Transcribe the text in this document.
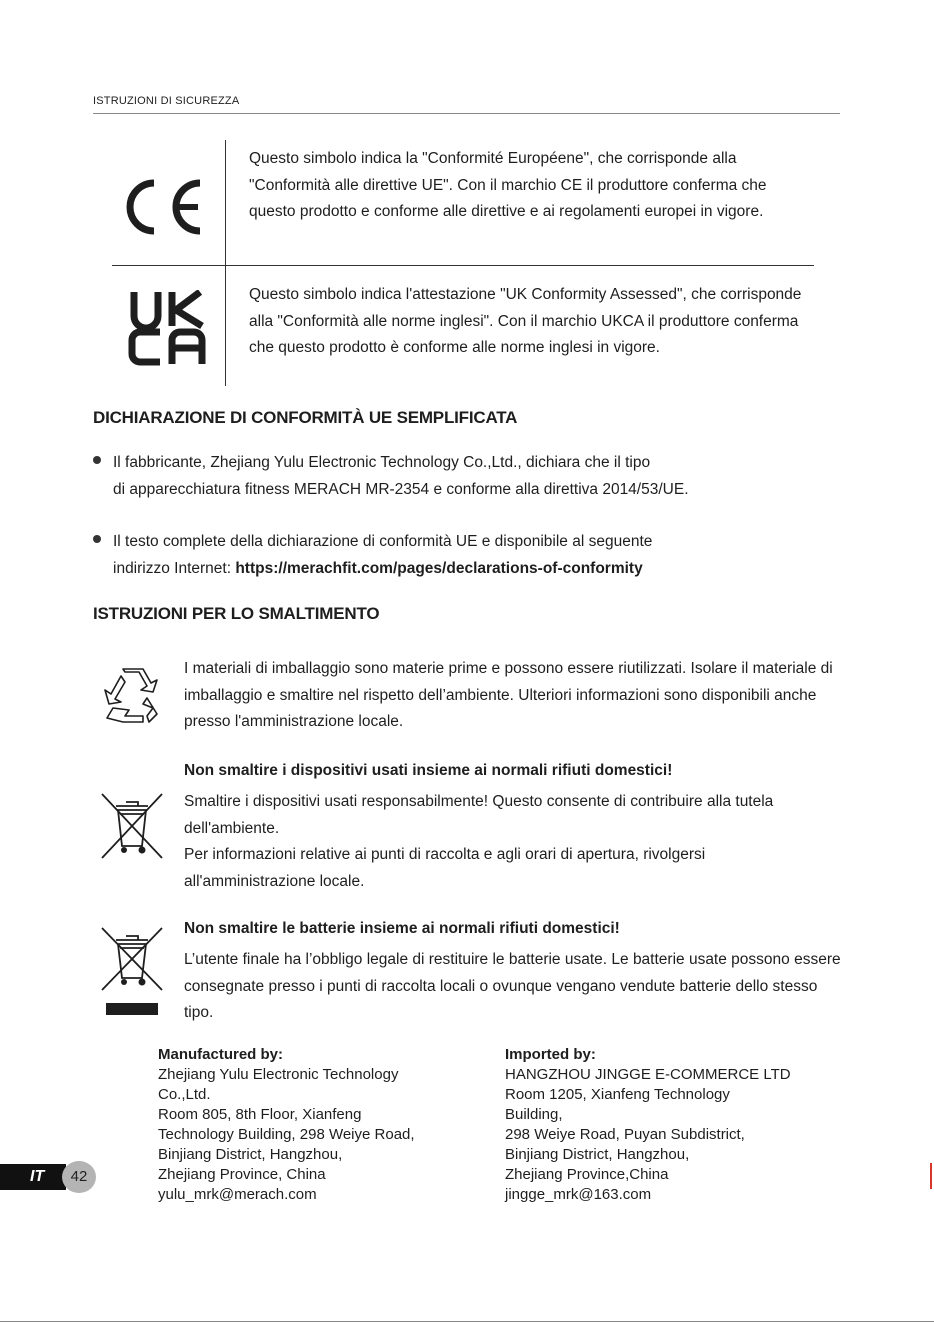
ISTRUZIONI DI SICUREZZA
Questo simbolo indica la "Conformité Européene", che corrisponde alla "Conformità alle direttive UE". Con il marchio CE il produttore conferma che questo prodotto e conforme alle direttive e ai regolamenti europei in vigore.
Questo simbolo indica l'attestazione "UK Conformity Assessed", che corrisponde alla "Conformità alle norme inglesi". Con il marchio UKCA il produttore conferma che questo prodotto è conforme alle norme inglesi in vigore.
DICHIARAZIONE DI CONFORMITÀ UE SEMPLIFICATA
Il fabbricante, Zhejiang Yulu Electronic Technology Co.,Ltd., dichiara che il tipo
di apparecchiatura fitness MERACH MR-2354 e conforme alla direttiva 2014/53/UE.
Il testo complete della dichiarazione di conformità UE e disponibile al seguente
indirizzo Internet: https://merachfit.com/pages/declarations-of-conformity
ISTRUZIONI PER LO SMALTIMENTO
I materiali di imballaggio sono materie prime e possono essere riutilizzati. Isolare il materiale di imballaggio e smaltire nel rispetto dell’ambiente. Ulteriori informazioni sono disponibili anche presso l'amministrazione locale.
Non smaltire i dispositivi usati insieme ai normali rifiuti domestici!
Smaltire i dispositivi usati responsabilmente! Questo consente di contribuire alla tutela dell'ambiente.
Per informazioni relative ai punti di raccolta e agli orari di apertura, rivolgersi all'amministrazione locale.
Non smaltire le batterie insieme ai normali rifiuti domestici!
L’utente finale ha l’obbligo legale di restituire le batterie usate. Le batterie usate possono essere consegnate presso i punti di raccolta locali o ovunque vengano vendute batterie dello stesso tipo.
Manufactured by:
Zhejiang Yulu Electronic Technology
Co.,Ltd.
Room 805, 8th Floor, Xianfeng
Technology Building, 298 Weiye Road,
Binjiang District, Hangzhou,
Zhejiang Province, China
yulu_mrk@merach.com
Imported by:
HANGZHOU JINGGE E-COMMERCE LTD
Room 1205, Xianfeng Technology
Building,
298 Weiye Road, Puyan Subdistrict,
Binjiang District, Hangzhou,
Zhejiang Province,China
jingge_mrk@163.com
IT	42
